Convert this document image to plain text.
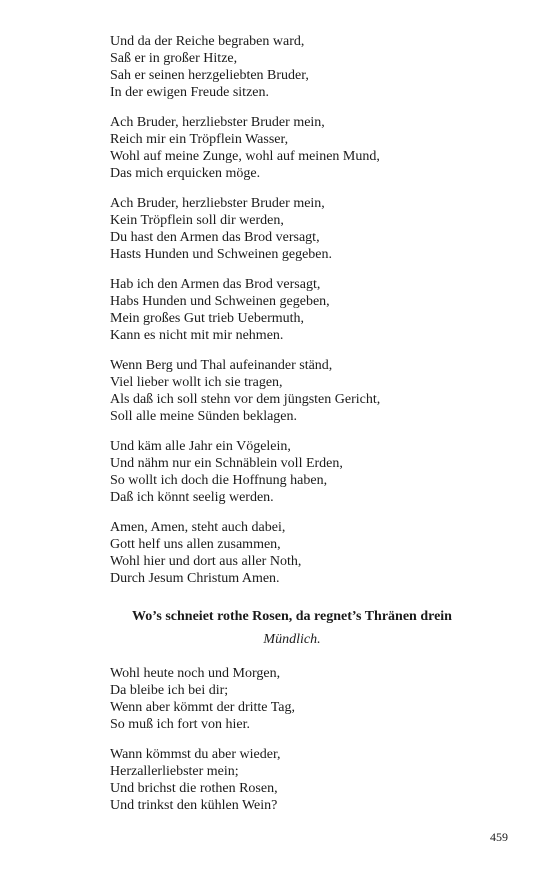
Und da der Reiche begraben ward,
Saß er in großer Hitze,
Sah er seinen herzgeliebten Bruder,
In der ewigen Freude sitzen.
Ach Bruder, herzliebster Bruder mein,
Reich mir ein Tröpflein Wasser,
Wohl auf meine Zunge, wohl auf meinen Mund,
Das mich erquicken möge.
Ach Bruder, herzliebster Bruder mein,
Kein Tröpflein soll dir werden,
Du hast den Armen das Brod versagt,
Hasts Hunden und Schweinen gegeben.
Hab ich den Armen das Brod versagt,
Habs Hunden und Schweinen gegeben,
Mein großes Gut trieb Uebermuth,
Kann es nicht mit mir nehmen.
Wenn Berg und Thal aufeinander ständ,
Viel lieber wollt ich sie tragen,
Als daß ich soll stehn vor dem jüngsten Gericht,
Soll alle meine Sünden beklagen.
Und käm alle Jahr ein Vögelein,
Und nähm nur ein Schnäblein voll Erden,
So wollt ich doch die Hoffnung haben,
Daß ich könnt seelig werden.
Amen, Amen, steht auch dabei,
Gott helf uns allen zusammen,
Wohl hier und dort aus aller Noth,
Durch Jesum Christum Amen.
Wo’s schneiet rothe Rosen, da regnet’s Thränen drein
Mündlich.
Wohl heute noch und Morgen,
Da bleibe ich bei dir;
Wenn aber kömmt der dritte Tag,
So muß ich fort von hier.
Wann kömmst du aber wieder,
Herzallerliebster mein;
Und brichst die rothen Rosen,
Und trinkst den kühlen Wein?
459
